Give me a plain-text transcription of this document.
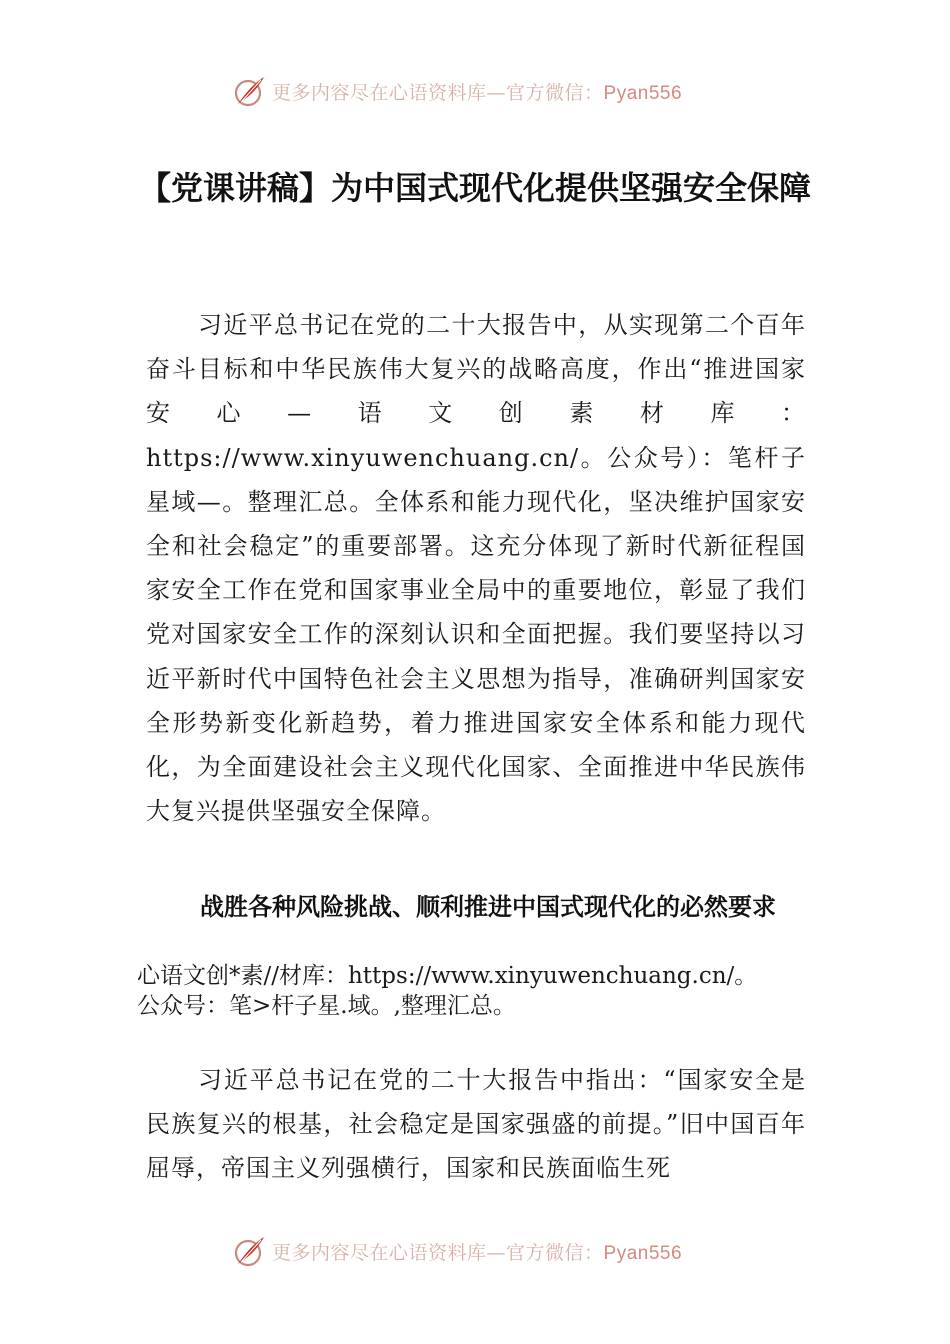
更多内容尽在心语资料库—官方微信：Pyan556
【党课讲稿】为中国式现代化提供坚强安全保障

习近平总书记在党的二十大报告中，从实现第二个百年奋斗目标和中华民族伟大复兴的战略高度，作出“推进国家安心—语文创素材库：https://www.xinyuwenchuang.cn/。公众号）：笔杆子星域—。整理汇总。全体系和能力现代化，坚决维护国家安全和社会稳定”的重要部署。这充分体现了新时代新征程国家安全工作在党和国家事业全局中的重要地位，彰显了我们党对国家安全工作的深刻认识和全面把握。我们要坚持以习近平新时代中国特色社会主义思想为指导，准确研判国家安全形势新变化新趋势，着力推进国家安全体系和能力现代化，为全面建设社会主义现代化国家、全面推进中华民族伟大复兴提供坚强安全保障。

战胜各种风险挑战、顺利推进中国式现代化的必然要求
心语文创*素//材库：https://www.xinyuwenchuang.cn/。
公众号：笔>杆子星.域。,整理汇总。

习近平总书记在党的二十大报告中指出：“国家安全是民族复兴的根基，社会稳定是国家强盛的前提。”旧中国百年屈辱，帝国主义列强横行，国家和民族面临生死

更多内容尽在心语资料库—官方微信：Pyan556
